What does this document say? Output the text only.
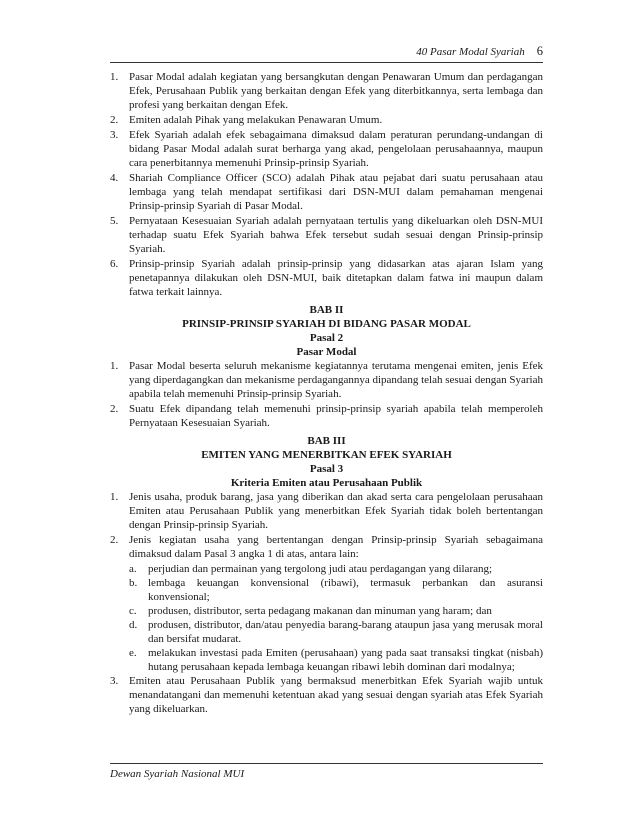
40 Pasar Modal Syariah 6
1. Pasar Modal adalah kegiatan yang bersangkutan dengan Penawaran Umum dan perdagangan Efek, Perusahaan Publik yang berkaitan dengan Efek yang diterbitkannya, serta lembaga dan profesi yang berkaitan dengan Efek.
2. Emiten adalah Pihak yang melakukan Penawaran Umum.
3. Efek Syariah adalah efek sebagaimana dimaksud dalam peraturan perundang-undangan di bidang Pasar Modal adalah surat berharga yang akad, pengelolaan perusahaannya, maupun cara penerbitannya memenuhi Prinsip-prinsip Syariah.
4. Shariah Compliance Officer (SCO) adalah Pihak atau pejabat dari suatu perusahaan atau lembaga yang telah mendapat sertifikasi dari DSN-MUI dalam pemahaman mengenai Prinsip-prinsip Syariah di Pasar Modal.
5. Pernyataan Kesesuaian Syariah adalah pernyataan tertulis yang dikeluarkan oleh DSN-MUI terhadap suatu Efek Syariah bahwa Efek tersebut sudah sesuai dengan Prinsip-prinsip Syariah.
6. Prinsip-prinsip Syariah adalah prinsip-prinsip yang didasarkan atas ajaran Islam yang penetapannya dilakukan oleh DSN-MUI, baik ditetapkan dalam fatwa ini maupun dalam fatwa terkait lainnya.
BAB II
PRINSIP-PRINSIP SYARIAH DI BIDANG PASAR MODAL
Pasal 2
Pasar Modal
1. Pasar Modal beserta seluruh mekanisme kegiatannya terutama mengenai emiten, jenis Efek yang diperdagangkan dan mekanisme perdagangannya dipandang telah sesuai dengan Syariah apabila telah memenuhi Prinsip-prinsip Syariah.
2. Suatu Efek dipandang telah memenuhi prinsip-prinsip syariah apabila telah memperoleh Pernyataan Kesesuaian Syariah.
BAB III
EMITEN YANG MENERBITKAN EFEK SYARIAH
Pasal 3
Kriteria Emiten atau Perusahaan Publik
1. Jenis usaha, produk barang, jasa yang diberikan dan akad serta cara pengelolaan perusahaan Emiten atau Perusahaan Publik yang menerbitkan Efek Syariah tidak boleh bertentangan dengan Prinsip-prinsip Syariah.
2. Jenis kegiatan usaha yang bertentangan dengan Prinsip-prinsip Syariah sebagaimana dimaksud dalam Pasal 3 angka 1 di atas, antara lain:
a. perjudian dan permainan yang tergolong judi atau perdagangan yang dilarang;
b. lembaga keuangan konvensional (ribawi), termasuk perbankan dan asuransi konvensional;
c. produsen, distributor, serta pedagang makanan dan minuman yang haram; dan
d. produsen, distributor, dan/atau penyedia barang-barang ataupun jasa yang merusak moral dan bersifat mudarat.
e. melakukan investasi pada Emiten (perusahaan) yang pada saat transaksi tingkat (nisbah) hutang perusahaan kepada lembaga keuangan ribawi lebih dominan dari modalnya;
3. Emiten atau Perusahaan Publik yang bermaksud menerbitkan Efek Syariah wajib untuk menandatangani dan memenuhi ketentuan akad yang sesuai dengan syariah atas Efek Syariah yang dikeluarkan.
Dewan Syariah Nasional MUI
